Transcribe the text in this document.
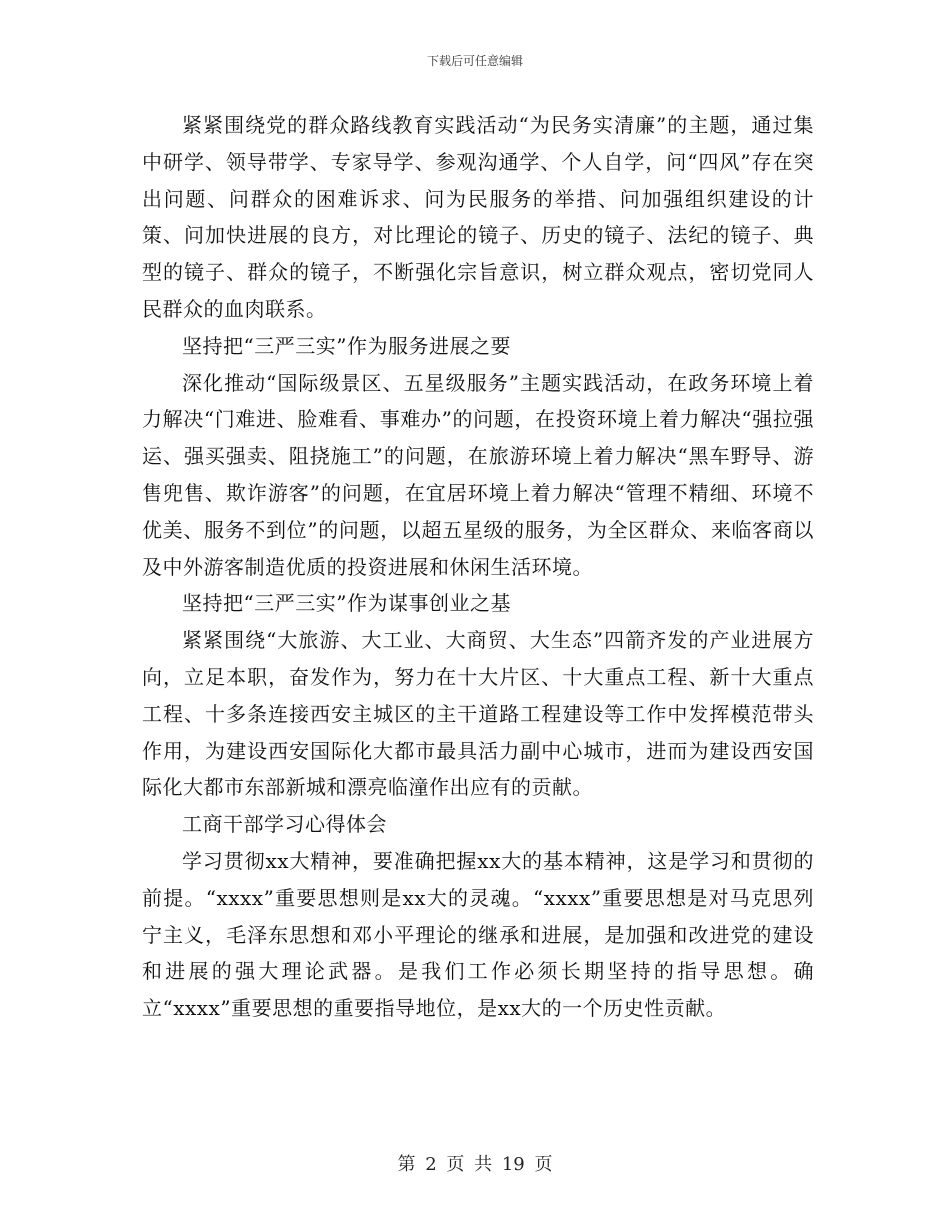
下载后可任意编辑

紧紧围绕党的群众路线教育实践活动“为民务实清廉”的主题，通过集中研学、领导带学、专家导学、参观沟通学、个人自学，问“四风”存在突出问题、问群众的困难诉求、问为民服务的举措、问加强组织建设的计策、问加快进展的良方，对比理论的镜子、历史的镜子、法纪的镜子、典型的镜子、群众的镜子，不断强化宗旨意识，树立群众观点，密切党同人民群众的血肉联系。

坚持把“三严三实”作为服务进展之要

深化推动“国际级景区、五星级服务”主题实践活动，在政务环境上着力解决“门难进、脸难看、事难办”的问题，在投资环境上着力解决“强拉强运、强买强卖、阻挠施工”的问题，在旅游环境上着力解决“黑车野导、游售兜售、欺诈游客”的问题，在宜居环境上着力解决“管理不精细、环境不优美、服务不到位”的问题，以超五星级的服务，为全区群众、来临客商以及中外游客制造优质的投资进展和休闲生活环境。

坚持把“三严三实”作为谋事创业之基

紧紧围绕“大旅游、大工业、大商贸、大生态”四箭齐发的产业进展方向，立足本职，奋发作为，努力在十大片区、十大重点工程、新十大重点工程、十多条连接西安主城区的主干道路工程建设等工作中发挥模范带头作用，为建设西安国际化大都市最具活力副中心城市，进而为建设西安国际化大都市东部新城和漂亮临潼作出应有的贡献。

工商干部学习心得体会

学习贯彻xx大精神，要准确把握xx大的基本精神，这是学习和贯彻的前提。“xxxx”重要思想则是xx大的灵魂。“xxxx”重要思想是对马克思列宁主义，毛泽东思想和邓小平理论的继承和进展，是加强和改进党的建设和进展的强大理论武器。是我们工作必须长期坚持的指导思想。确立“xxxx”重要思想的重要指导地位，是xx大的一个历史性贡献。

第 2 页 共 19 页
